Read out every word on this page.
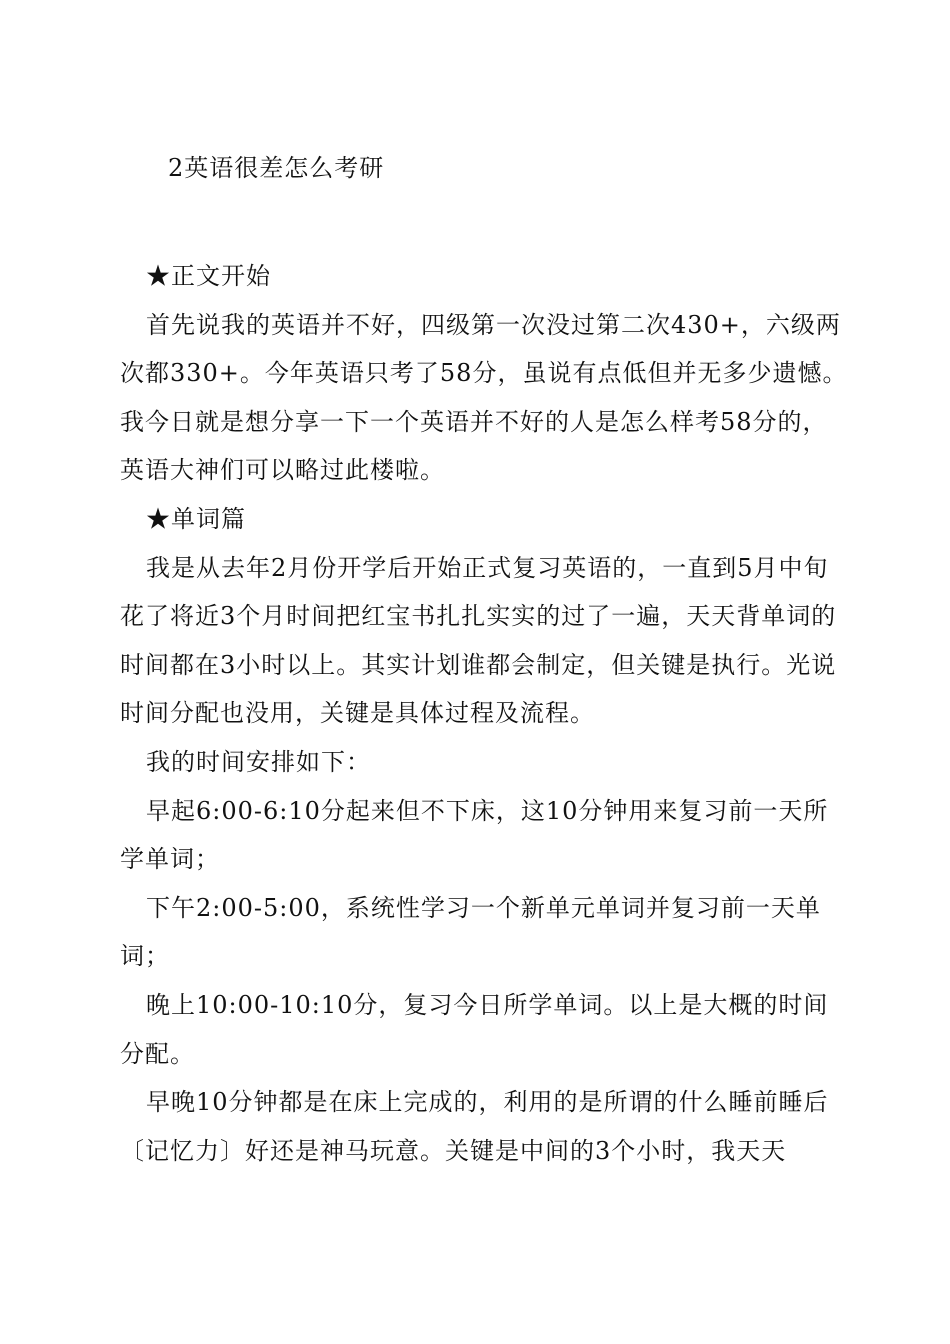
2英语很差怎么考研

★正文开始

首先说我的英语并不好，四级第一次没过第二次430+，六级两次都330+。今年英语只考了58分，虽说有点低但并无多少遗憾。我今日就是想分享一下一个英语并不好的人是怎么样考58分的，英语大神们可以略过此楼啦。

★单词篇

我是从去年2月份开学后开始正式复习英语的，一直到5月中旬花了将近3个月时间把红宝书扎扎实实的过了一遍，天天背单词的时间都在3小时以上。其实计划谁都会制定，但关键是执行。光说时间分配也没用，关键是具体过程及流程。

我的时间安排如下：

早起6:00-6:10分起来但不下床，这10分钟用来复习前一天所学单词；

下午2:00-5:00，系统性学习一个新单元单词并复习前一天单词；

晚上10:00-10:10分，复习今日所学单词。以上是大概的时间分配。

早晚10分钟都是在床上完成的，利用的是所谓的什么睡前睡后〔记忆力〕好还是神马玩意。关键是中间的3个小时，我天天
